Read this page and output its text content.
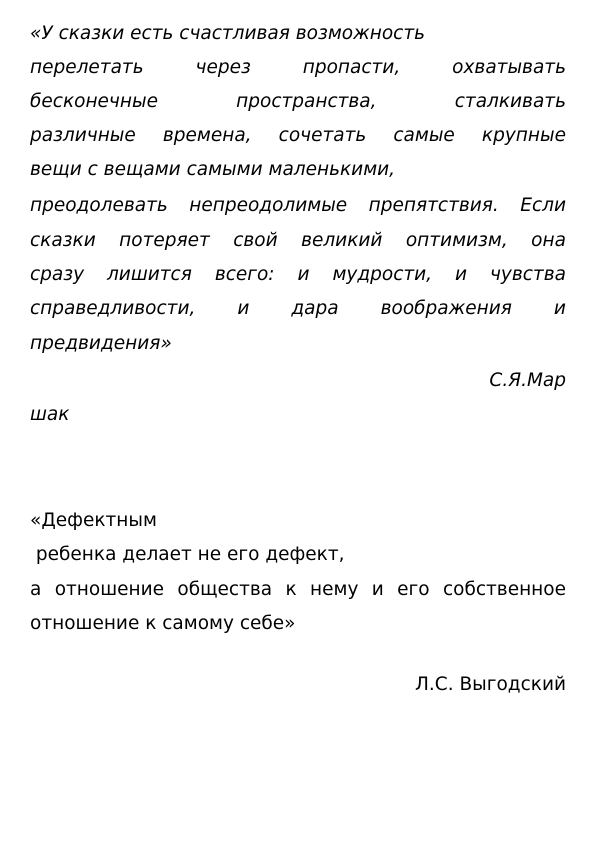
«У сказки есть счастливая возможность
перелетать	через	пропасти,	охватывать
бесконечные	пространства,	сталкивать
различные времена, сочетать самые крупные
вещи с вещами самыми маленькими,
преодолевать непреодолимые препятствия. Если
сказки потеряет свой великий оптимизм, она
сразу лишится всего: и мудрости, и чувства
справедливости, и дара воображения и
предвидения»
С.Я.Мар
шак
«Дефектным
ребенка делает не его дефект,
а отношение общества к нему и его собственное
отношение к самому себе»
Л.С. Выгодский
